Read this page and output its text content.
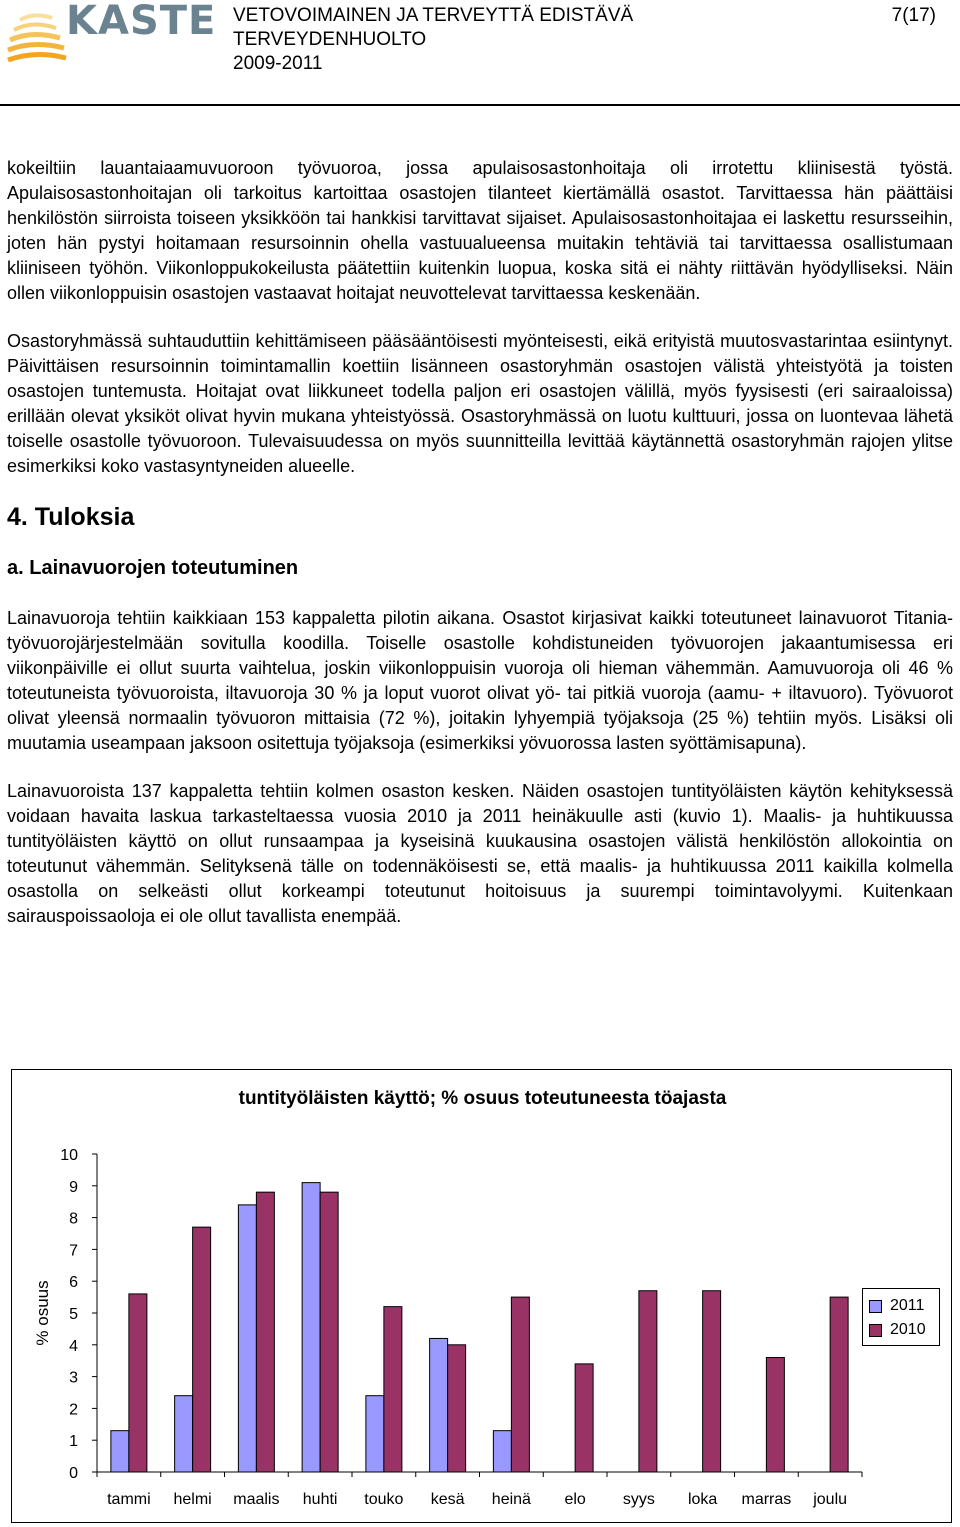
KASTE VETOVOIMAINEN JA TERVEYTTÄ EDISTÄVÄ
TERVEYDENHUOLTO
2009-2011
7(17)

kokeiltiin lauantaiaamuvuoroon työvuoroa, jossa apulaisosastonhoitaja oli irrotettu kliinisestä työstä. Apulaisosastonhoitajan oli tarkoitus kartoittaa osastojen tilanteet kiertämällä osastot. Tarvittaessa hän päättäisi henkilöstön siirroista toiseen yksikköön tai hankkisi tarvittavat sijaiset. Apulaisosastonhoitajaa ei laskettu resursseihin, joten hän pystyi hoitamaan resursoinnin ohella vastuualueensa muitakin tehtäviä tai tarvittaessa osallistumaan kliiniseen työhön. Viikonloppukokeilusta päätettiin kuitenkin luopua, koska sitä ei nähty riittävän hyödylliseksi. Näin ollen viikonloppuisin osastojen vastaavat hoitajat neuvottelevat tarvittaessa keskenään.

Osastoryhmässä suhtauduttiin kehittämiseen pääsääntöisesti myönteisesti, eikä erityistä muutosvastarintaa esiintynyt. Päivittäisen resursoinnin toimintamallin koettiin lisänneen osastoryhmän osastojen välistä yhteistyötä ja toisten osastojen tuntemusta. Hoitajat ovat liikkuneet todella paljon eri osastojen välillä, myös fyysisesti (eri sairaaloissa) erillään olevat yksiköt olivat hyvin mukana yhteistyössä. Osastoryhmässä on luotu kulttuuri, jossa on luontevaa lähetä toiselle osastolle työvuoroon. Tulevaisuudessa on myös suunnitteilla levittää käytännettä osastoryhmän rajojen ylitse esimerkiksi koko vastasyntyneiden alueelle.

4. Tuloksia
a. Lainavuorojen toteutuminen

Lainavuoroja tehtiin kaikkiaan 153 kappaletta pilotin aikana. Osastot kirjasivat kaikki toteutuneet lainavuorot Titania-työvuorojärjestelmään sovitulla koodilla. Toiselle osastolle kohdistuneiden työvuorojen jakaantumisessa eri viikonpäiville ei ollut suurta vaihtelua, joskin viikonloppuisin vuoroja oli hieman vähemmän. Aamuvuoroja oli 46 % toteutuneista työvuoroista, iltavuoroja 30 % ja loput vuorot olivat yö- tai pitkiä vuoroja (aamu- + iltavuoro). Työvuorot olivat yleensä normaalin työvuoron mittaisia (72 %), joitakin lyhyempiä työjaksoja (25 %) tehtiin myös. Lisäksi oli muutamia useampaan jaksoon ositettuja työjaksoja (esimerkiksi yövuorossa lasten syöttämisapuna).

Lainavuoroista 137 kappaletta tehtiin kolmen osaston kesken. Näiden osastojen tuntityöläisten käytön kehityksessä voidaan havaita laskua tarkasteltaessa vuosia 2010 ja 2011 heinäkuulle asti (kuvio 1). Maalis- ja huhtikuussa tuntityöläisten käyttö on ollut runsaampaa ja kyseisinä kuukausina osastojen välistä henkilöstön allokointia on toteutunut vähemmän. Selityksenä tälle on todennäköisesti se, että maalis- ja huhtikuussa 2011 kaikilla kolmella osastolla on selkeästi ollut korkeampi toteutunut hoitoisuus ja suurempi toimintavolyymi. Kuitenkaan sairauspoissaoloja ei ole ollut tavallista enempää.

tuntityöläisten käyttö; % osuus toteutuneesta töajasta
0
1
2
3
4
5
6
7
8
9
10
% osuus
tammi helmi maalis huhti touko kesä heinä elo syys loka marras joulu
2011
2010
